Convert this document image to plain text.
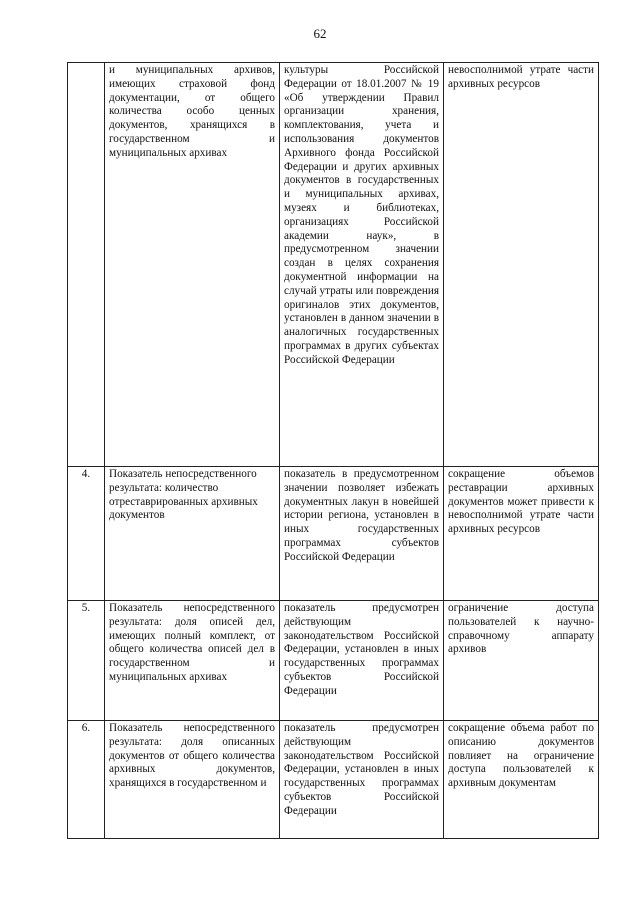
62
	и муниципальных архивов, имеющих страховой фонд документации, от общего количества особо ценных документов, хранящихся в государственном и муниципальных архивах	культуры Российской Федерации от 18.01.2007 № 19 «Об утверждении Правил организации хранения, комплектования, учета и использования документов Архивного фонда Российской Федерации и других архивных документов в государственных и муниципальных архивах, музеях и библиотеках, организациях Российской академии наук», в предусмотренном значении создан в целях сохранения документной информации на случай утраты или повреждения оригиналов этих документов, установлен в данном значении в аналогичных государственных программах в других субъектах Российской Федерации	невосполнимой утрате части архивных ресурсов
4.	Показатель непосредственного результата: количество отреставрированных архивных документов	показатель в предусмотренном значении позволяет избежать документных лакун в новейшей истории региона, установлен в иных государственных программах субъектов Российской Федерации	сокращение объемов реставрации архивных документов может привести к невосполнимой утрате части архивных ресурсов
5.	Показатель непосредственного результата: доля описей дел, имеющих полный комплект, от общего количества описей дел в государственном и муниципальных архивах	показатель предусмотрен действующим законодательством Российской Федерации, установлен в иных государственных программах субъектов Российской Федерации	ограничение доступа пользователей к научно-справочному аппарату архивов
6.	Показатель непосредственного результата: доля описанных документов от общего количества архивных документов, хранящихся в государственном и	показатель предусмотрен действующим законодательством Российской Федерации, установлен в иных государственных программах субъектов Российской Федерации	сокращение объема работ по описанию документов повлияет на ограничение доступа пользователей к архивным документам
